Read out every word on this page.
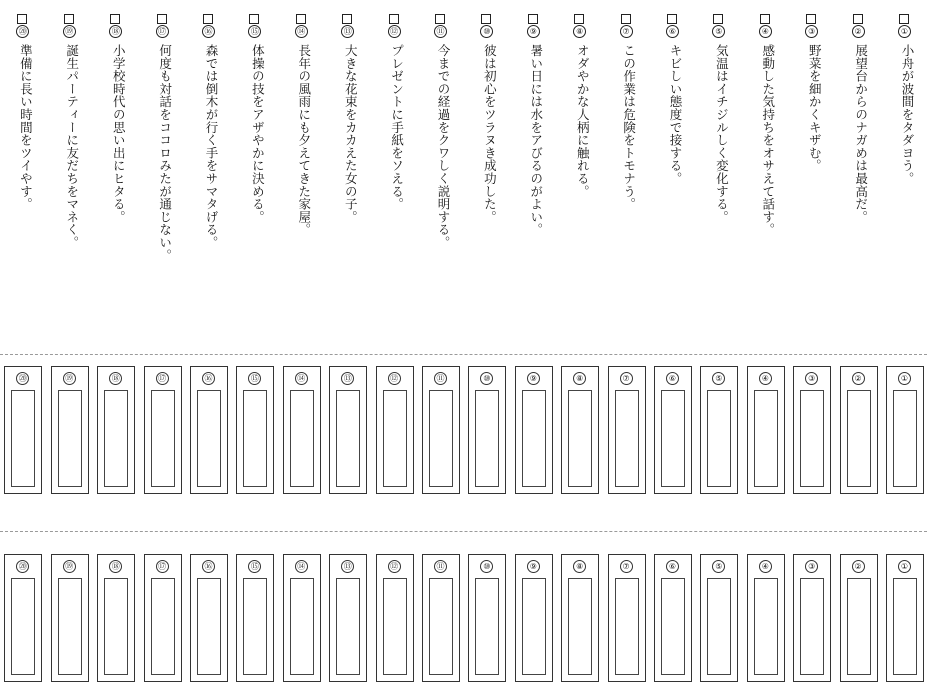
①
小舟が波間をタダヨう。
②
展望台からのナガめは最高だ。
③
野菜を細かくキザむ。
④
感動した気持ちをオサえて話す。
⑤
気温はイチジルしく変化する。
⑥
キビしい態度で接する。
⑦
この作業は危険をトモナう。
⑧
オダやかな人柄に触れる。
⑨
暑い日には水をアびるのがよい。
⑩
彼は初心をツラヌき成功した。
⑪
今までの経過をクワしく説明する。
⑫
プレゼントに手紙をソえる。
⑬
大きな花束をカカえた女の子。
⑭
長年の風雨にも夕えてきた家屋。
⑮
体操の技をアザやかに決める。
⑯
森では倒木が行く手をサマタげる。
⑰
何度も対話をココロみたが通じない。
⑱
小学校時代の思い出にヒタる。
⑲
誕生パーティーに友だちをマネく。
⑳
準備に長い時間をツイやす。
①
②
③
④
⑤
⑥
⑦
⑧
⑨
⑩
⑪
⑫
⑬
⑭
⑮
⑯
⑰
⑱
⑲
⑳
①
②
③
④
⑤
⑥
⑦
⑧
⑨
⑩
⑪
⑫
⑬
⑭
⑮
⑯
⑰
⑱
⑲
⑳
